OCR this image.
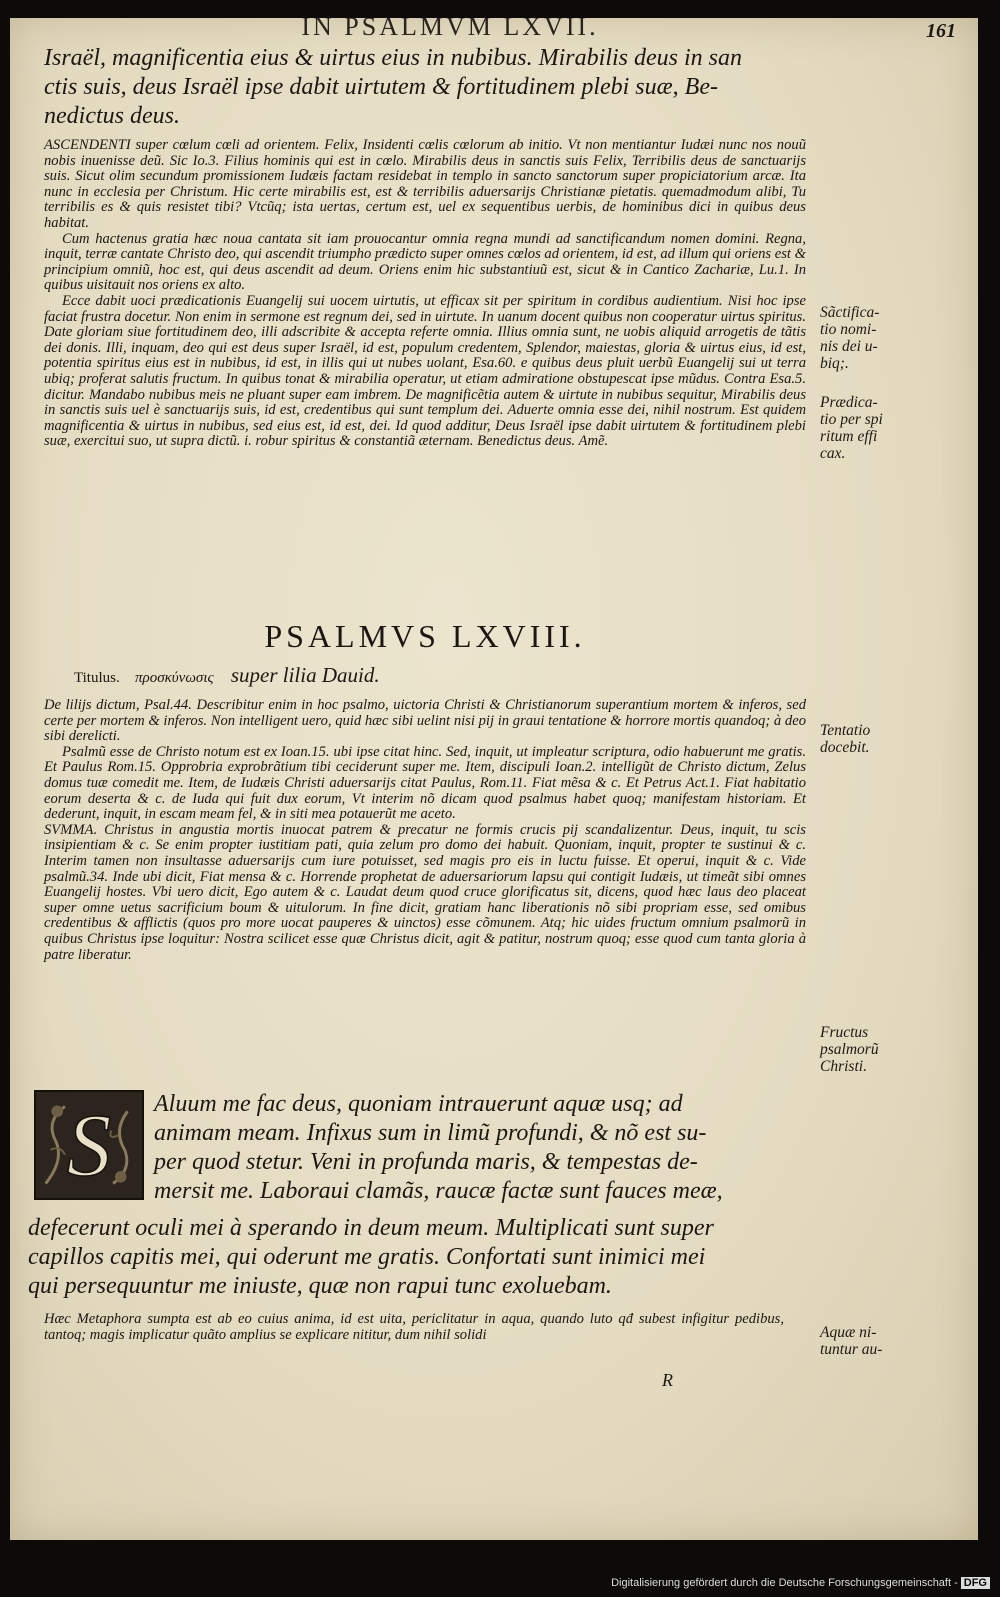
IN PSALMVM LXVII.	161

Israël, magnificentia eius & uirtus eius in nubibus. Mirabilis deus in san

ctis suis, deus Israël ipse dabit uirtutem & fortitudinem plebi suæ, Be-

nedictus deus.

ASCENDENTI super cœlum cœli ad orientem. Felix, Insidenti cœlis cœlorum ab initio. Vt non mentiantur Iudæi nunc nos nouũ nobis inuenisse deũ. Sic Io.3. Filius hominis qui est in cœlo. Mirabilis deus in sanctis suis Felix, Terribilis deus de sanctuarijs suis. Sicut olim secundum promissionem Iudæis factam residebat in templo in sancto sanctorum super propiciatorium arcæ. Ita nunc in ecclesia per Christum. Hic certe mirabilis est, est & terribilis aduersarijs Christianæ pietatis. quemadmodum alibi, Tu terribilis es & quis resistet tibi? Vtcũq; ista uertas, certum est, uel ex sequentibus uerbis, de hominibus dici in quibus deus habitat.

Cum hactenus gratia hæc noua cantata sit iam prouocantur omnia regna mundi ad sanctificandum nomen domini. Regna, inquit, terræ cantate Christo deo, qui ascendit triumpho prædicto super omnes cœlos ad orientem, id est, ad illum qui oriens est & principium omniũ, hoc est, qui deus ascendit ad deum. Oriens enim hic substantiuũ est, sicut & in Cantico Zachariæ, Lu.1. In quibus uisitauit nos oriens ex alto.

Ecce dabit uoci prædicationis Euangelij sui uocem uirtutis, ut efficax sit per spiritum in cordibus audientium. Nisi hoc ipse faciat frustra docetur. Non enim in sermone est regnum dei, sed in uirtute. In uanum docent quibus non cooperatur uirtus spiritus. Date gloriam siue fortitudinem deo, illi adscribite & accepta referte omnia. Illius omnia sunt, ne uobis aliquid arrogetis de tãtis dei donis. Illi, inquam, deo qui est deus super Israël, id est, populum credentem, Splendor, maiestas, gloria & uirtus eius, id est, potentia spiritus eius est in nubibus, id est, in illis qui ut nubes uolant, Esa.60. e quibus deus pluit uerbũ Euangelij sui ut terra ubiq; proferat salutis fructum. In quibus tonat & mirabilia operatur, ut etiam admiratione obstupescat ipse mũdus. Contra Esa.5. dicitur. Mandabo nubibus meis ne pluant super eam imbrem. De magnificẽtia autem & uirtute in nubibus sequitur, Mirabilis deus in sanctis suis uel è sanctuarijs suis, id est, credentibus qui sunt templum dei. Aduerte omnia esse dei, nihil nostrum. Est quidem magnificentia & uirtus in nubibus, sed eius est, id est, dei. Id quod additur, Deus Israël ipse dabit uirtutem & fortitudinem plebi suæ, exercitui suo, ut supra dictũ. i. robur spiritus & constantiã æternam. Benedictus deus. Amẽ.

PSALMVS LXVIII.
Titulus. προσκύνωσις super lilia Dauid.

De lilijs dictum, Psal.44. Describitur enim in hoc psalmo, uictoria Christi & Christianorum superantium mortem & inferos, sed certe per mortem & inferos. Non intelligent uero, quid hæc sibi uelint nisi pij in graui tentatione & horrore mortis quandoq; à deo sibi derelicti.

Psalmũ esse de Christo notum est ex Ioan.15. ubi ipse citat hinc. Sed, inquit, ut impleatur scriptura, odio habuerunt me gratis. Et Paulus Rom.15. Opprobria exprobrãtium tibi ceciderunt super me. Item, discipuli Ioan.2. intelligũt de Christo dictum, Zelus domus tuæ comedit me. Item, de Iudæis Christi aduersarijs citat Paulus, Rom.11. Fiat mẽsa & c. Et Petrus Act.1. Fiat habitatio eorum deserta & c. de Iuda qui fuit dux eorum, Vt interim nõ dicam quod psalmus habet quoq; manifestam historiam. Et dederunt, inquit, in escam meam fel, & in siti mea potauerũt me aceto.

SVMMA. Christus in angustia mortis inuocat patrem & precatur ne formis crucis pij scandalizentur. Deus, inquit, tu scis insipientiam & c. Se enim propter iustitiam pati, quia zelum pro domo dei habuit. Quoniam, inquit, propter te sustinui & c. Interim tamen non insultasse aduersarijs cum iure potuisset, sed magis pro eis in luctu fuisse. Et operui, inquit & c. Vide psalmũ.34. Inde ubi dicit, Fiat mensa & c. Horrende prophetat de aduersariorum lapsu qui contigit Iudæis, ut timeãt sibi omnes Euangelij hostes. Vbi uero dicit, Ego autem & c. Laudat deum quod cruce glorificatus sit, dicens, quod hæc laus deo placeat super omne uetus sacrificium boum & uitulorum. In fine dicit, gratiam hanc liberationis nõ sibi propriam esse, sed omibus credentibus & afflictis (quos pro more uocat pauperes & uinctos) esse cõmunem. Atq; hic uides fructum omnium psalmorũ in quibus Christus ipse loquitur: Nostra scilicet esse quæ Christus dicit, agit & patitur, nostrum quoq; esse quod cum tanta gloria à patre liberatur.

S Aluum me fac deus, quoniam intrauerunt aquæ usq; ad

animam meam. Infixus sum in limũ profundi, & nõ est su-

per quod stetur. Veni in profunda maris, & tempestas de-

mersit me. Laboraui clamãs, raucæ factæ sunt fauces meæ,

defecerunt oculi mei à sperando in deum meum. Multiplicati sunt super

capillos capitis mei, qui oderunt me gratis. Confortati sunt inimici mei

qui persequuntur me iniuste, quæ non rapui tunc exoluebam.

Hæc Metaphora sumpta est ab eo cuius anima, id est uita, periclitatur in aqua, quando luto qđ subest infigitur pedibus, tantoq; magis implicatur quãto amplius se explicare nititur, dum nihil solidi

R
Sãctifica-
tio nomi-
nis dei u-
biq;.
Prædica-
tio per spi
ritum effi
cax.
Tentatio
docebit.
Fructus
psalmorũ
Christi.
Aquæ ni-
tuntur au-
Digitalisierung gefördert durch die Deutsche Forschungsgemeinschaft - DFG
